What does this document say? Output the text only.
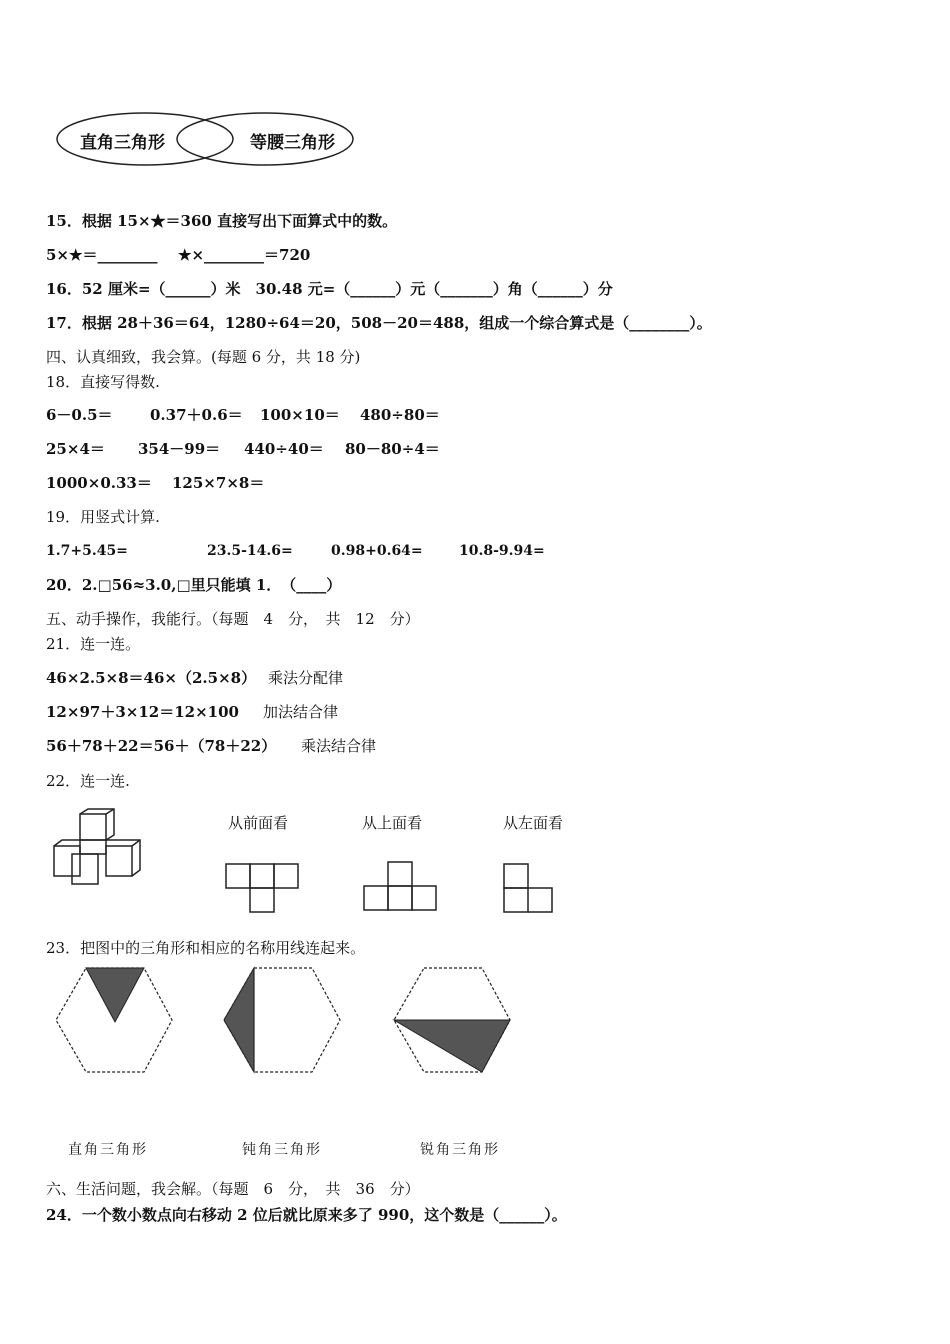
直角三角形	等腰三角形
15．根据 15×★＝360 直接写出下面算式中的数。
5×★＝________ ★×________＝720
16．52 厘米=（______）米　30.48 元=（______）元（_______）角（______）分
17．根据 28＋36＝64，1280÷64＝20，508－20＝488，组成一个综合算式是（________）。
四、认真细致，我会算。(每题 6 分，共 18 分)
18．直接写得数.
6－0.5＝ 0.37＋0.6＝ 100×10＝ 480÷80＝
25×4＝ 354－99＝ 440÷40＝ 80－80÷4＝
1000×0.33＝ 125×7×8＝
19．用竖式计算.
1.7+5.45=	23.5-14.6=	0.98+0.64=	10.8-9.94=
20．2.□56≈3.0,□里只能填 1．　（____）
五、动手操作，我能行。（每题　4　分，　共　12　分）
21．连一连。
46×2.5×8＝46×（2.5×8） 乘法分配律
12×97＋3×12＝12×100 加法结合律
56＋78＋22＝56＋（78＋22） 乘法结合律
22．连一连.
从前面看	从上面看	从左面看
23．把图中的三角形和相应的名称用线连起来。
直角三角形	钝角三角形	锐角三角形
六、生活问题，我会解。（每题　6　分，　共　36　分）
24．一个数小数点向右移动 2 位后就比原来多了 990，这个数是（______）。
